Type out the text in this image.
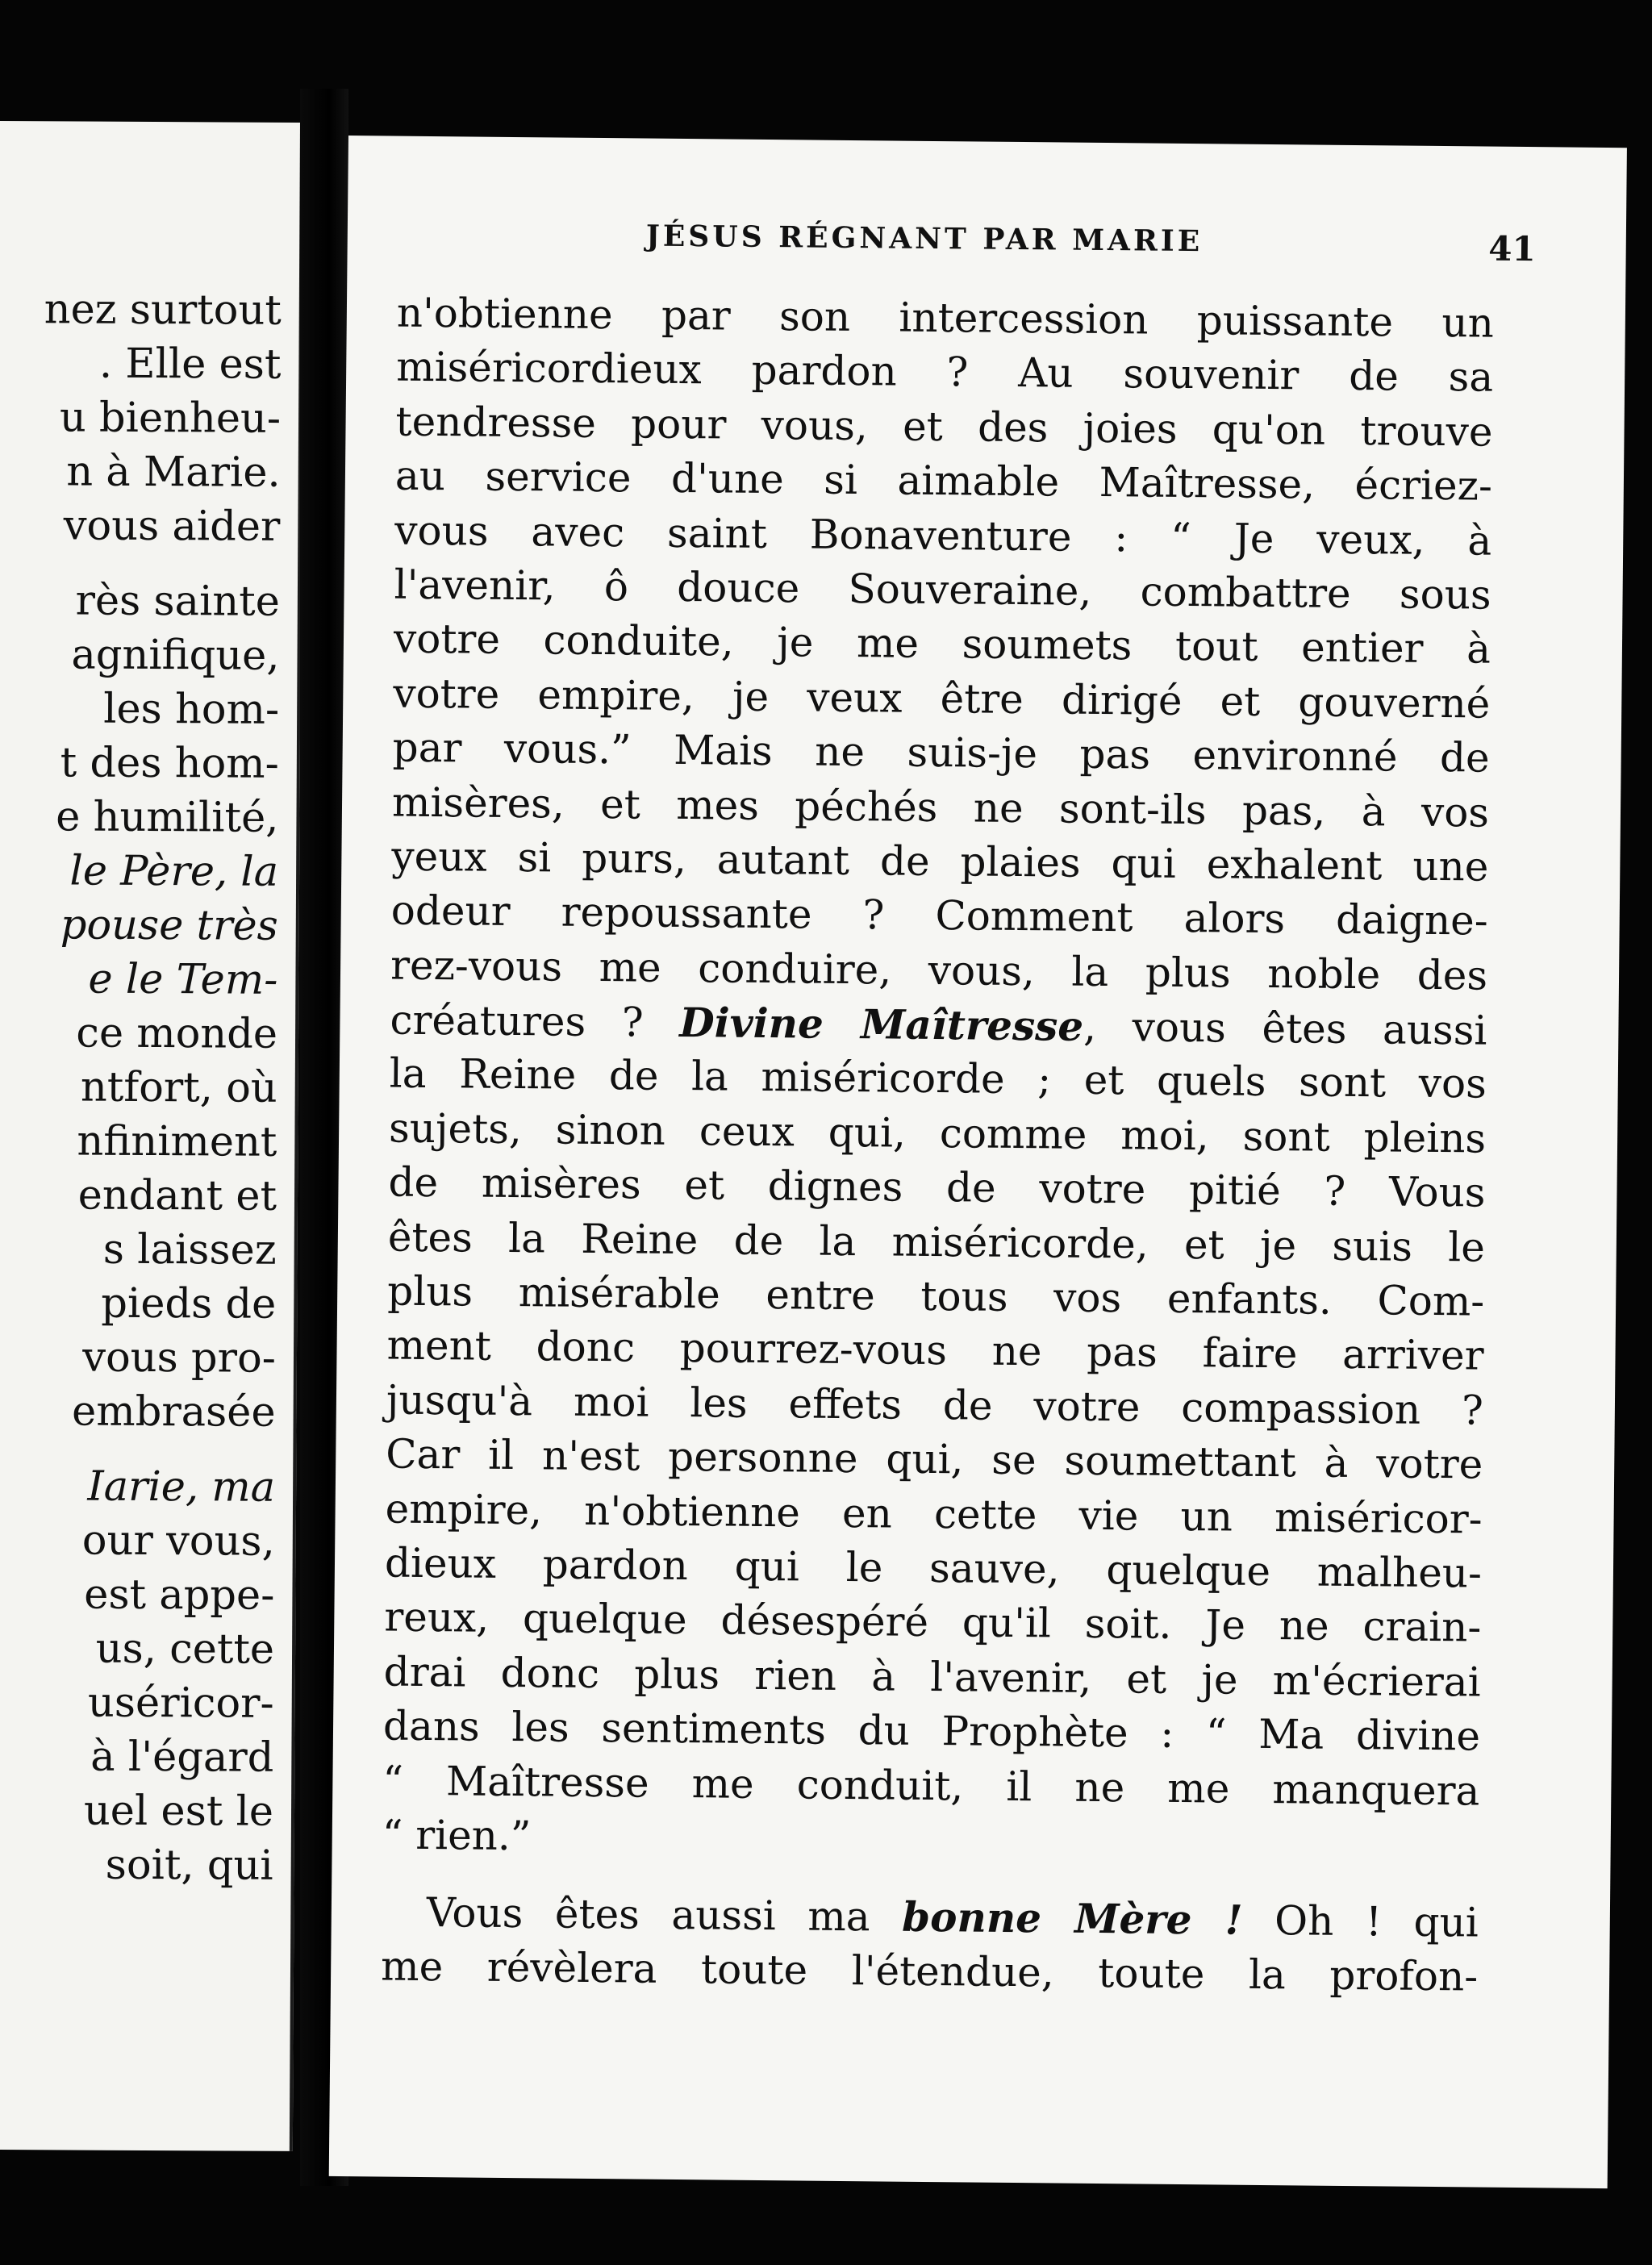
nez surtout
. Elle est
u bienheu-
n à Marie.
vous aider
rès sainte
agnifique,
les hom-
t des hom-
e humilité,
le Père, la
pouse très
e le Tem-
ce monde
ntfort, où
nfiniment
endant et
s laissez
pieds de
vous pro-
embrasée
Iarie, ma
our vous,
est appe-
us, cette
uséricor-
à l'égard
uel est le
soit, qui
JÉSUS RÉGNANT PAR MARIE	41
n'obtienne par son intercession puissante un
miséricordieux pardon ? Au souvenir de sa
tendresse pour vous, et des joies qu'on trouve
au service d'une si aimable Maîtresse, écriez-
vous avec saint Bonaventure : “ Je veux, à
l'avenir, ô douce Souveraine, combattre sous
votre conduite, je me soumets tout entier à
votre empire, je veux être dirigé et gouverné
par vous.” Mais ne suis-je pas environné de
misères, et mes péchés ne sont-ils pas, à vos
yeux si purs, autant de plaies qui exhalent une
odeur repoussante ? Comment alors daigne-
rez-vous me conduire, vous, la plus noble des
créatures ? Divine Maîtresse, vous êtes aussi
la Reine de la miséricorde ; et quels sont vos
sujets, sinon ceux qui, comme moi, sont pleins
de misères et dignes de votre pitié ? Vous
êtes la Reine de la miséricorde, et je suis le
plus misérable entre tous vos enfants. Com-
ment donc pourrez-vous ne pas faire arriver
jusqu'à moi les effets de votre compassion ?
Car il n'est personne qui, se soumettant à votre
empire, n'obtienne en cette vie un miséricor-
dieux pardon qui le sauve, quelque malheu-
reux, quelque désespéré qu'il soit. Je ne crain-
drai donc plus rien à l'avenir, et je m'écrierai
dans les sentiments du Prophète : “ Ma divine
“ Maîtresse me conduit, il ne me manquera
“ rien.”
Vous êtes aussi ma bonne Mère ! Oh ! qui
me révèlera toute l'étendue, toute la profon-
